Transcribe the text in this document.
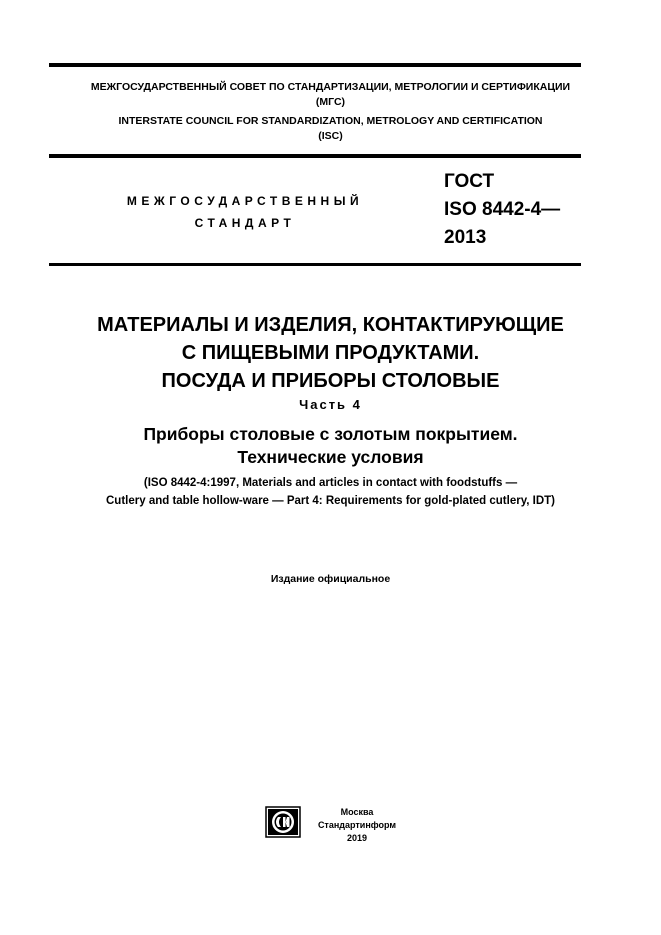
МЕЖГОСУДАРСТВЕННЫЙ СОВЕТ ПО СТАНДАРТИЗАЦИИ, МЕТРОЛОГИИ И СЕРТИФИКАЦИИ
(МГС)
INTERSTATE COUNCIL FOR STANDARDIZATION, METROLOGY AND CERTIFICATION
(ISC)
МЕЖГОСУДАРСТВЕННЫЙ
СТАНДАРТ
ГОСТ
ISO 8442-4—
2013
МАТЕРИАЛЫ И ИЗДЕЛИЯ, КОНТАКТИРУЮЩИЕ
С ПИЩЕВЫМИ ПРОДУКТАМИ.
ПОСУДА И ПРИБОРЫ СТОЛОВЫЕ
Часть 4
Приборы столовые с золотым покрытием.
Технические условия
(ISO 8442-4:1997, Materials and articles in contact with foodstuffs —
Cutlery and table hollow-ware — Part 4: Requirements for gold-plated cutlery, IDT)
Издание официальное
Москва
Стандартинформ
2019
